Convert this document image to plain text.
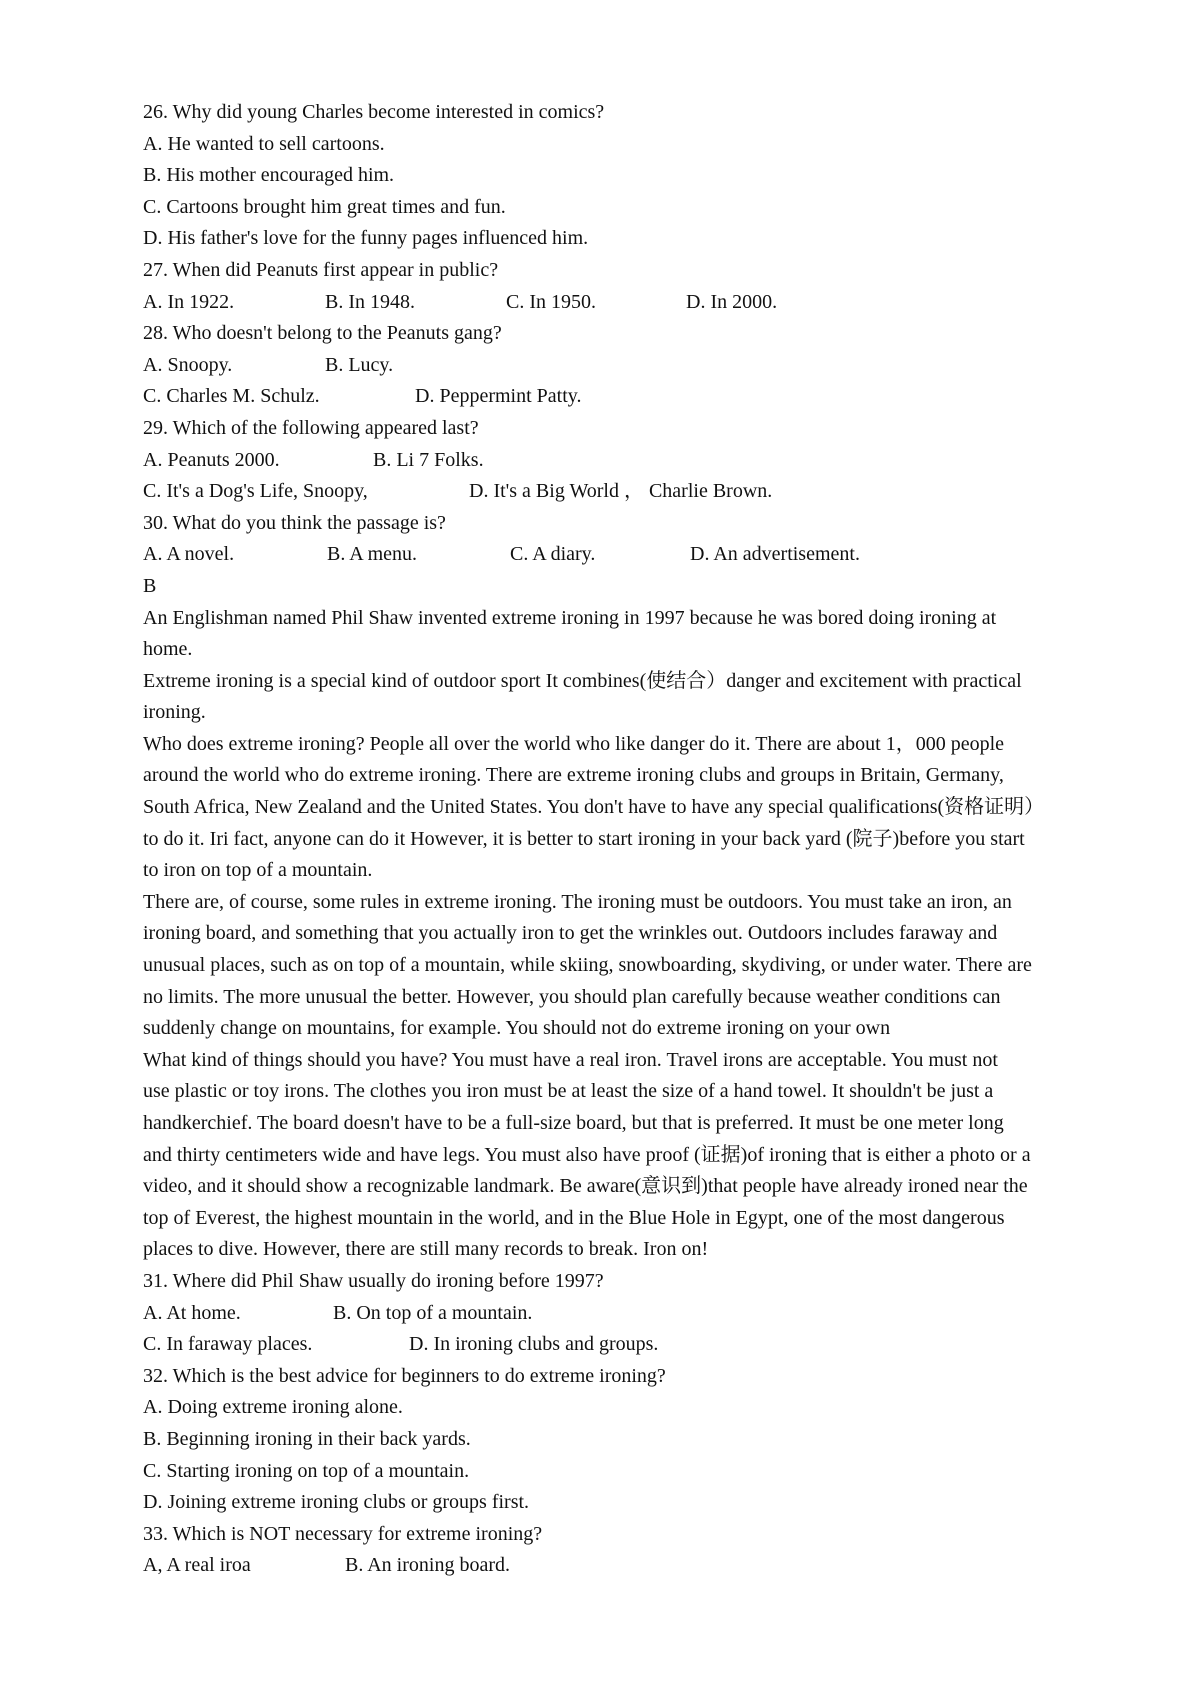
26. Why did young Charles become interested in comics?
A. He wanted to sell cartoons.
B. His mother encouraged him.
C. Cartoons brought him great times and fun.
D. His father's love for the funny pages influenced him.
27. When did Peanuts first appear in public?
A. In 1922.	B. In 1948.	C. In 1950.	D. In 2000.
28. Who doesn't belong to the Peanuts gang?
A. Snoopy.	B. Lucy.
C. Charles M. Schulz.	D. Peppermint Patty.
29. Which of the following appeared last?
A. Peanuts 2000.	B. Li 7 Folks.
C. It's a Dog's Life, Snoopy,	D. It's a Big World ， Charlie Brown.
30. What do you think the passage is?
A. A novel.	B. A menu.	C. A diary.	D. An advertisement.
B
An Englishman named Phil Shaw invented extreme ironing in 1997 because he was bored doing ironing at
home.
Extreme ironing is a special kind of outdoor sport It combines(使结合）danger and excitement with practical
ironing.
Who does extreme ironing? People all over the world who like danger do it. There are about 1，000 people
around the world who do extreme ironing. There are extreme ironing clubs and groups in Britain, Germany,
South Africa, New Zealand and the United States. You don't have to have any special qualifications(资格证明）
to do it. Iri fact, anyone can do it However, it is better to start ironing in your back yard (院子)before you start
to iron on top of a mountain.
There are, of course, some rules in extreme ironing. The ironing must be outdoors. You must take an iron, an
ironing board, and something that you actually iron to get the wrinkles out. Outdoors includes faraway and
unusual places, such as on top of a mountain, while skiing, snowboarding, skydiving, or under water. There are
no limits. The more unusual the better. However, you should plan carefully because weather conditions can
suddenly change on mountains, for example. You should not do extreme ironing on your own
What kind of things should you have? You must have a real iron. Travel irons are acceptable. You must not
use plastic or toy irons. The clothes you iron must be at least the size of a hand towel. It shouldn't be just a
handkerchief. The board doesn't have to be a full-size board, but that is preferred. It must be one meter long
and thirty centimeters wide and have legs. You must also have proof (证据)of ironing that is either a photo or a
video, and it should show a recognizable landmark. Be aware(意识到)that people have already ironed near the
top of Everest, the highest mountain in the world, and in the Blue Hole in Egypt, one of the most dangerous
places to dive. However, there are still many records to break. Iron on!
31. Where did Phil Shaw usually do ironing before 1997?
A. At home.	B. On top of a mountain.
C. In faraway places.	D. In ironing clubs and groups.
32. Which is the best advice for beginners to do extreme ironing?
A. Doing extreme ironing alone.
B. Beginning ironing in their back yards.
C. Starting ironing on top of a mountain.
D. Joining extreme ironing clubs or groups first.
33. Which is NOT necessary for extreme ironing?
A, A real iroa	B. An ironing board.
